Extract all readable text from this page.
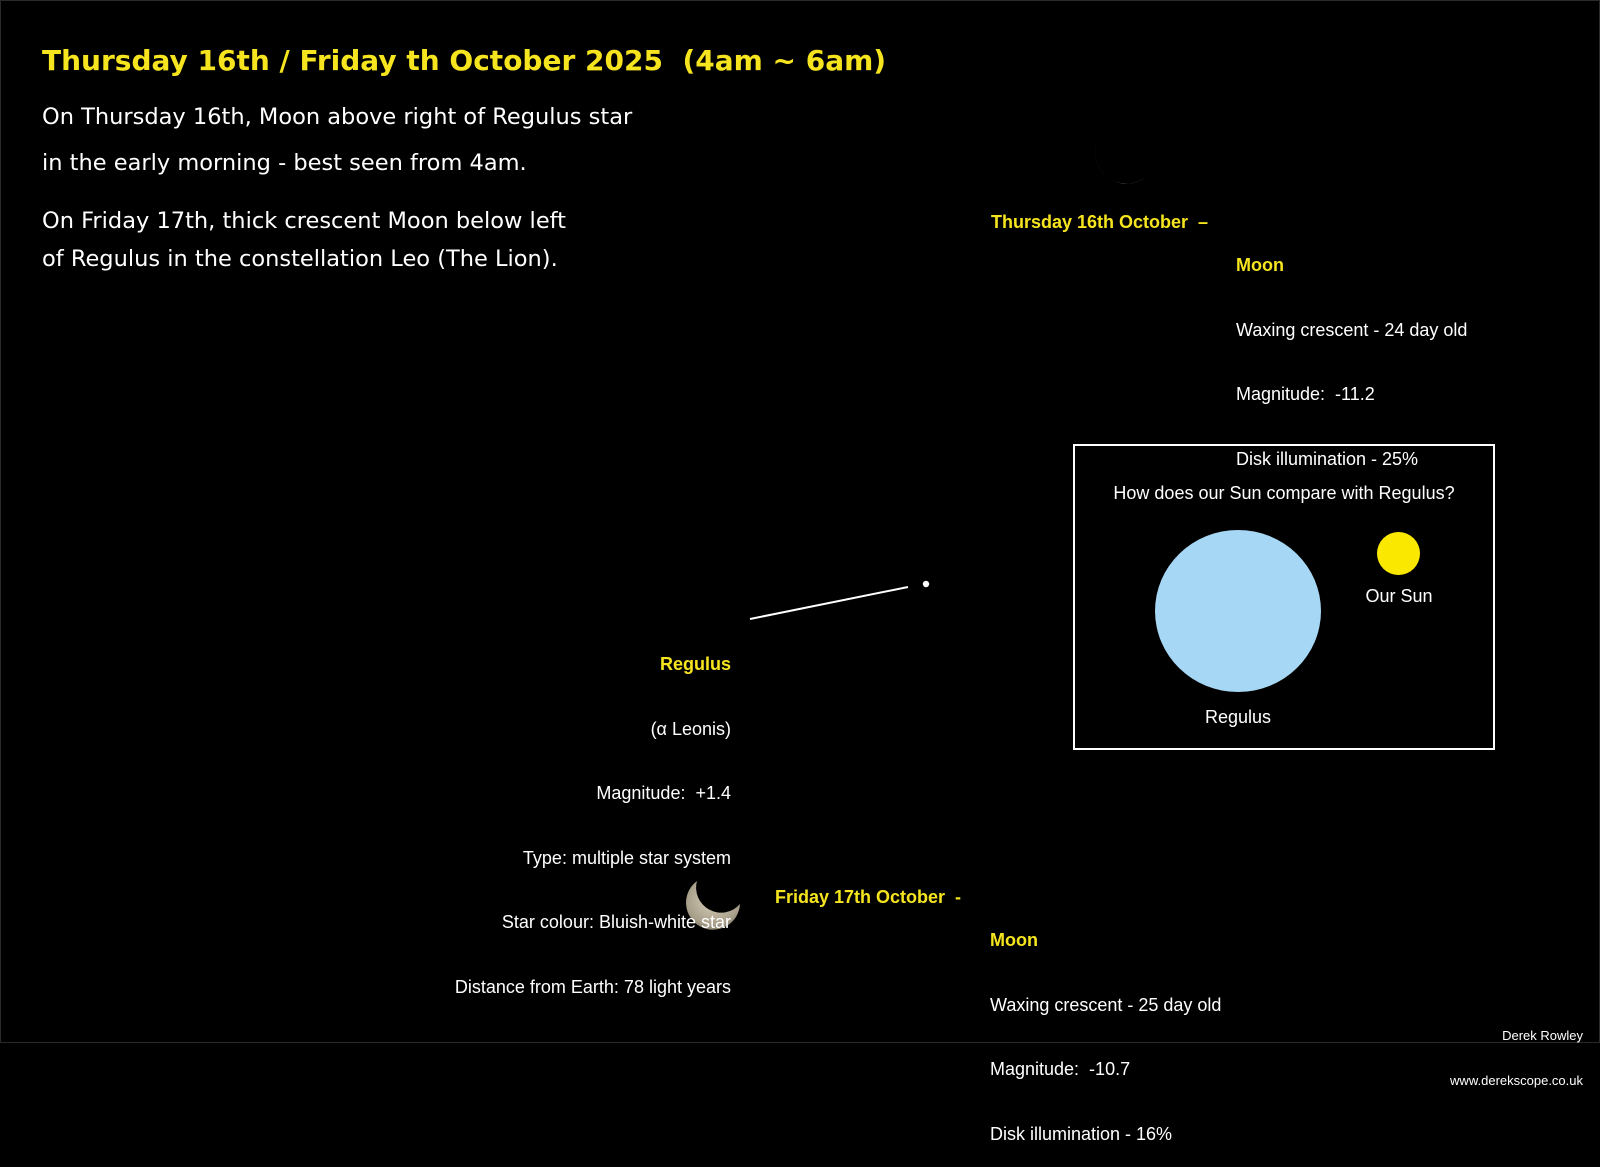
Thursday 16th / Friday th October 2025  (4am ~ 6am)

On Thursday 16th, Moon above right of Regulus star

in the early morning - best seen from 4am.

On Friday 17th, thick crescent Moon below left

of Regulus in the constellation Leo (The Lion).

Thursday 16th October  –

Moon

Waxing crescent - 24 day old

Magnitude:  -11.2

Disk illumination - 25%

Regulus

(α Leonis)

Magnitude:  +1.4

Type: multiple star system

Star colour: Bluish-white star

Distance from Earth: 78 light years

How does our Sun compare with Regulus?
Regulus
Our Sun
Friday 17th October  -

Moon

Waxing crescent - 25 day old

Magnitude:  -10.7

Disk illumination - 16%

Derek Rowley

www.derekscope.co.uk
